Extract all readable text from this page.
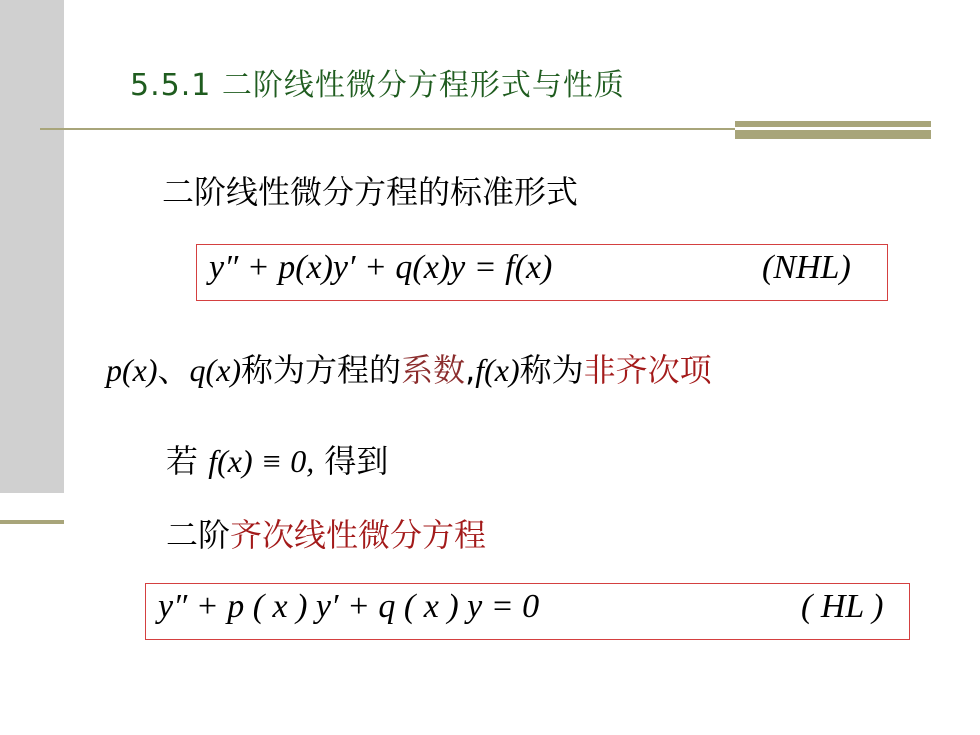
5.5.1 二阶线性微分方程形式与性质
二阶线性微分方程的标准形式
y″ + p(x)y′ + q(x)y = f(x)	(NHL)
p(x)、q(x)称为方程的系数,f(x)称为非齐次项
若 f(x) ≡ 0, 得到
二阶齐次线性微分方程
y″ + p ( x ) y′ + q ( x ) y = 0	( HL )
